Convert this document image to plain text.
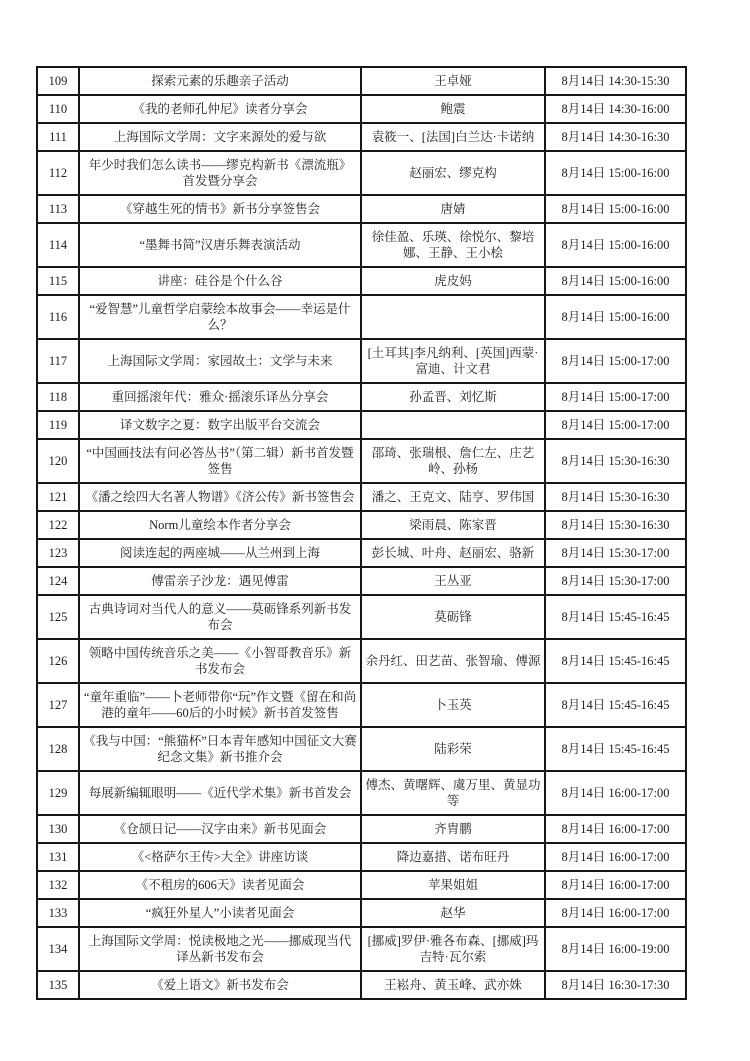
109	探索元素的乐趣亲子活动	王卓娅	8月14日 14:30-15:30
110	《我的老师孔仲尼》读者分享会	鲍震	8月14日 14:30-16:00
111	上海国际文学周：文字来源处的爱与欲	袁筱一、[法国]白兰达·卡诺纳	8月14日 14:30-16:30
112	年少时我们怎么读书——缪克构新书《漂流瓶》首发暨分享会	赵丽宏、缪克构	8月14日 15:00-16:00
113	《穿越生死的情书》新书分享签售会	唐婧	8月14日 15:00-16:00
114	“墨舞书简”汉唐乐舞表演活动	徐佳盈、乐瑛、徐悦尔、黎培娜、王静、王小桧	8月14日 15:00-16:00
115	讲座：硅谷是个什么谷	虎皮妈	8月14日 15:00-16:00
116	“爱智慧”儿童哲学启蒙绘本故事会——幸运是什么？		8月14日 15:00-16:00
117	上海国际文学周：家园故土：文学与未来	[土耳其]李凡纳利、[英国]西蒙·富迪、计文君	8月14日 15:00-17:00
118	重回摇滚年代：雅众·摇滚乐译丛分享会	孙孟晋、刘忆斯	8月14日 15:00-17:00
119	译文数字之夏：数字出版平台交流会		8月14日 15:00-17:00
120	“中国画技法有问必答丛书”（第二辑）新书首发暨签售	邵琦、张瑞根、詹仁左、庄艺岭、孙杨	8月14日 15:30-16:30
121	《潘之绘四大名著人物谱》《济公传》新书签售会	潘之、王克文、陆亨、罗伟国	8月14日 15:30-16:30
122	Norm儿童绘本作者分享会	梁雨晨、陈家晋	8月14日 15:30-16:30
123	阅读连起的两座城——从兰州到上海	彭长城、叶舟、赵丽宏、骆新	8月14日 15:30-17:00
124	傅雷亲子沙龙：遇见傅雷	王丛亚	8月14日 15:30-17:00
125	古典诗词对当代人的意义——莫砺锋系列新书发布会	莫砺锋	8月14日 15:45-16:45
126	领略中国传统音乐之美——《小智哥教音乐》新书发布会	余丹红、田艺苗、张智瑜、傅源	8月14日 15:45-16:45
127	“童年重临”——卜老师带你“玩”作文暨《留在和尚港的童年——60后的小时候》新书首发签售	卜玉英	8月14日 15:45-16:45
128	《我与中国：“熊猫杯”日本青年感知中国征文大赛纪念文集》新书推介会	陆彩荣	8月14日 15:45-16:45
129	每展新编辄眼明——《近代学术集》新书首发会	傅杰、黄曙辉、虞万里、黄显功等	8月14日 16:00-17:00
130	《仓颉日记——汉字由来》新书见面会	齐胄鹏	8月14日 16:00-17:00
131	《<格萨尔王传>大全》讲座访谈	降边嘉措、诺布旺丹	8月14日 16:00-17:00
132	《不租房的606天》读者见面会	苹果姐姐	8月14日 16:00-17:00
133	“疯狂外星人”小读者见面会	赵华	8月14日 16:00-17:00
134	上海国际文学周：悦读极地之光——挪威现当代译丛新书发布会	[挪威]罗伊·雅各布森、[挪威]玛吉特·瓦尔索	8月14日 16:00-19:00
135	《爱上语文》新书发布会	王崧舟、黄玉峰、武亦姝	8月14日 16:30-17:30
